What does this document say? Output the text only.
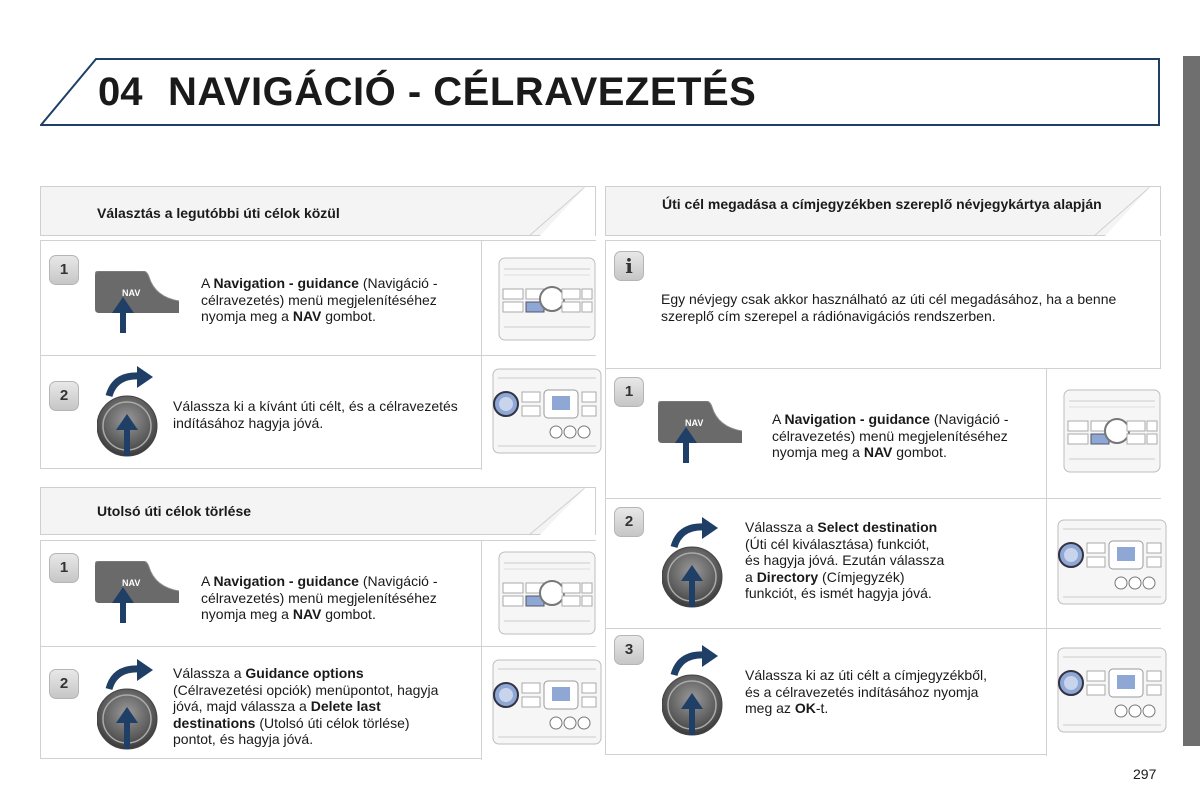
04 NAVIGÁCIÓ - CÉLRAVEZETÉS
Választás a legutóbbi úti célok közül
1
NAV
A Navigation - guidance (Navigáció - célravezetés) menü megjelenítéséhez nyomja meg a NAV gombot.
2
Válassza ki a kívánt úti célt, és a célravezetés indításához hagyja jóvá.
Utolsó úti célok törlése
1
NAV	A Navigation - guidance (Navigáció - célravezetés) menü megjelenítéséhez nyomja meg a NAV gombot.
2
Válassza a Guidance options (Célravezetési opciók) menüpontot, hagyja jóvá, majd válassza a Delete last destinations (Utolsó úti célok törlése) pontot, és hagyja jóvá.
Úti cél megadása a címjegyzékben szereplő névjegykártya alapján
i
Egy névjegy csak akkor használható az úti cél megadásához, ha a benne szereplő cím szerepel a rádiónavigációs rendszerben.
1
NAV	A Navigation - guidance (Navigáció - célravezetés) menü megjelenítéséhez nyomja meg a NAV gombot.
2	Válassza a Select destination (Úti cél kiválasztása) funkciót, és hagyja jóvá. Ezután válassza a Directory (Címjegyzék) funkciót, és ismét hagyja jóvá.
3
Válassza ki az úti célt a címjegyzékből, és a célravezetés indításához nyomja meg az OK-t.
297
